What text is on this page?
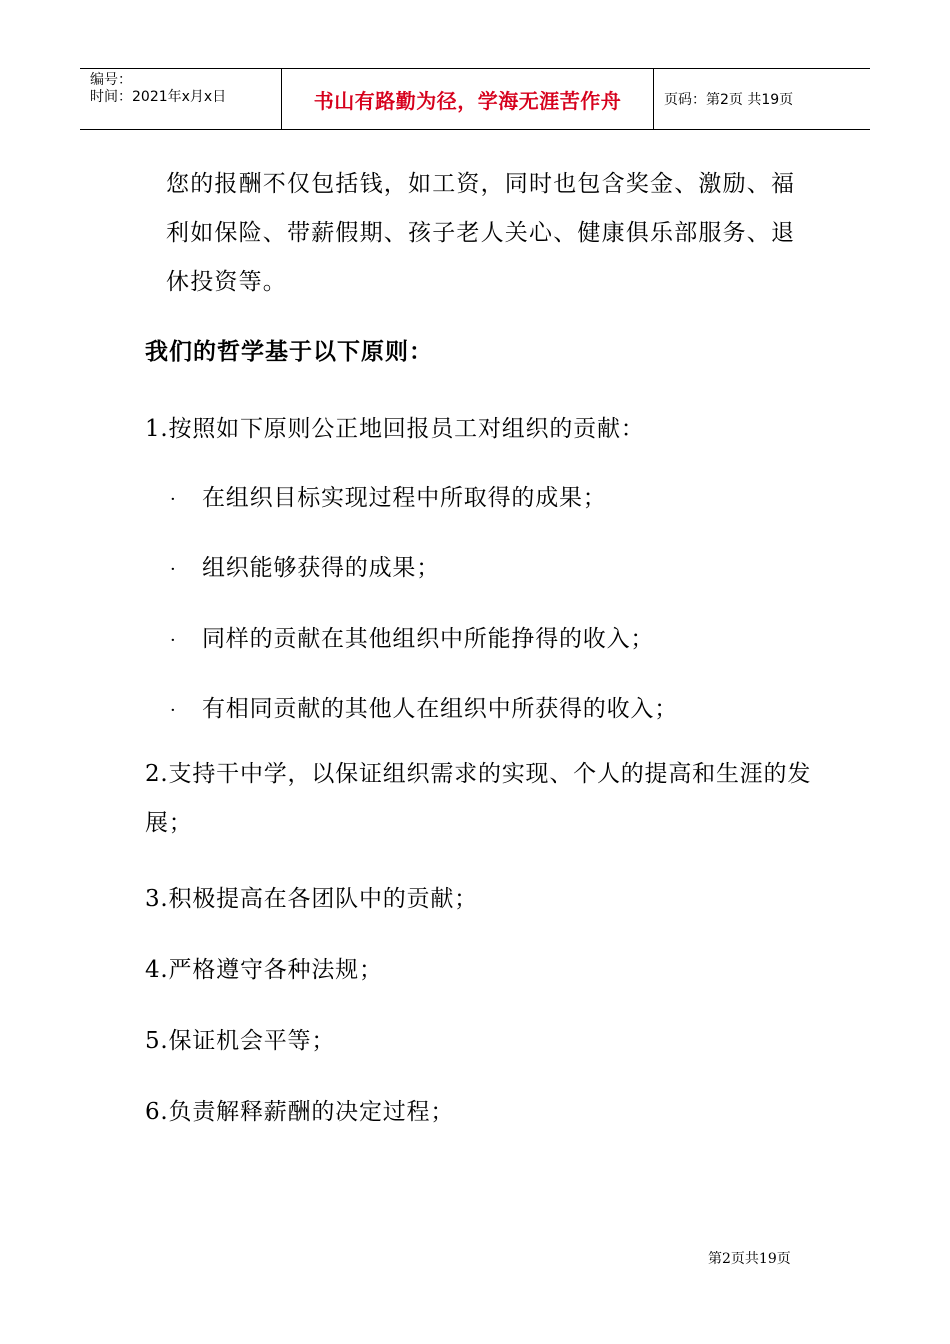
编号：
时间：2021年x月x日	书山有路勤为径，学海无涯苦作舟	页码：第2页 共19页
您的报酬不仅包括钱，如工资，同时也包含奖金、激励、福利如保险、带薪假期、孩子老人关心、健康俱乐部服务、退休投资等。
我们的哲学基于以下原则：
1.按照如下原则公正地回报员工对组织的贡献：
· 在组织目标实现过程中所取得的成果；
· 组织能够获得的成果；
· 同样的贡献在其他组织中所能挣得的收入；
· 有相同贡献的其他人在组织中所获得的收入；
2.支持干中学，以保证组织需求的实现、个人的提高和生涯的发展；
3.积极提高在各团队中的贡献；
4.严格遵守各种法规；
5.保证机会平等；
6.负责解释薪酬的决定过程；
第2页共19页
